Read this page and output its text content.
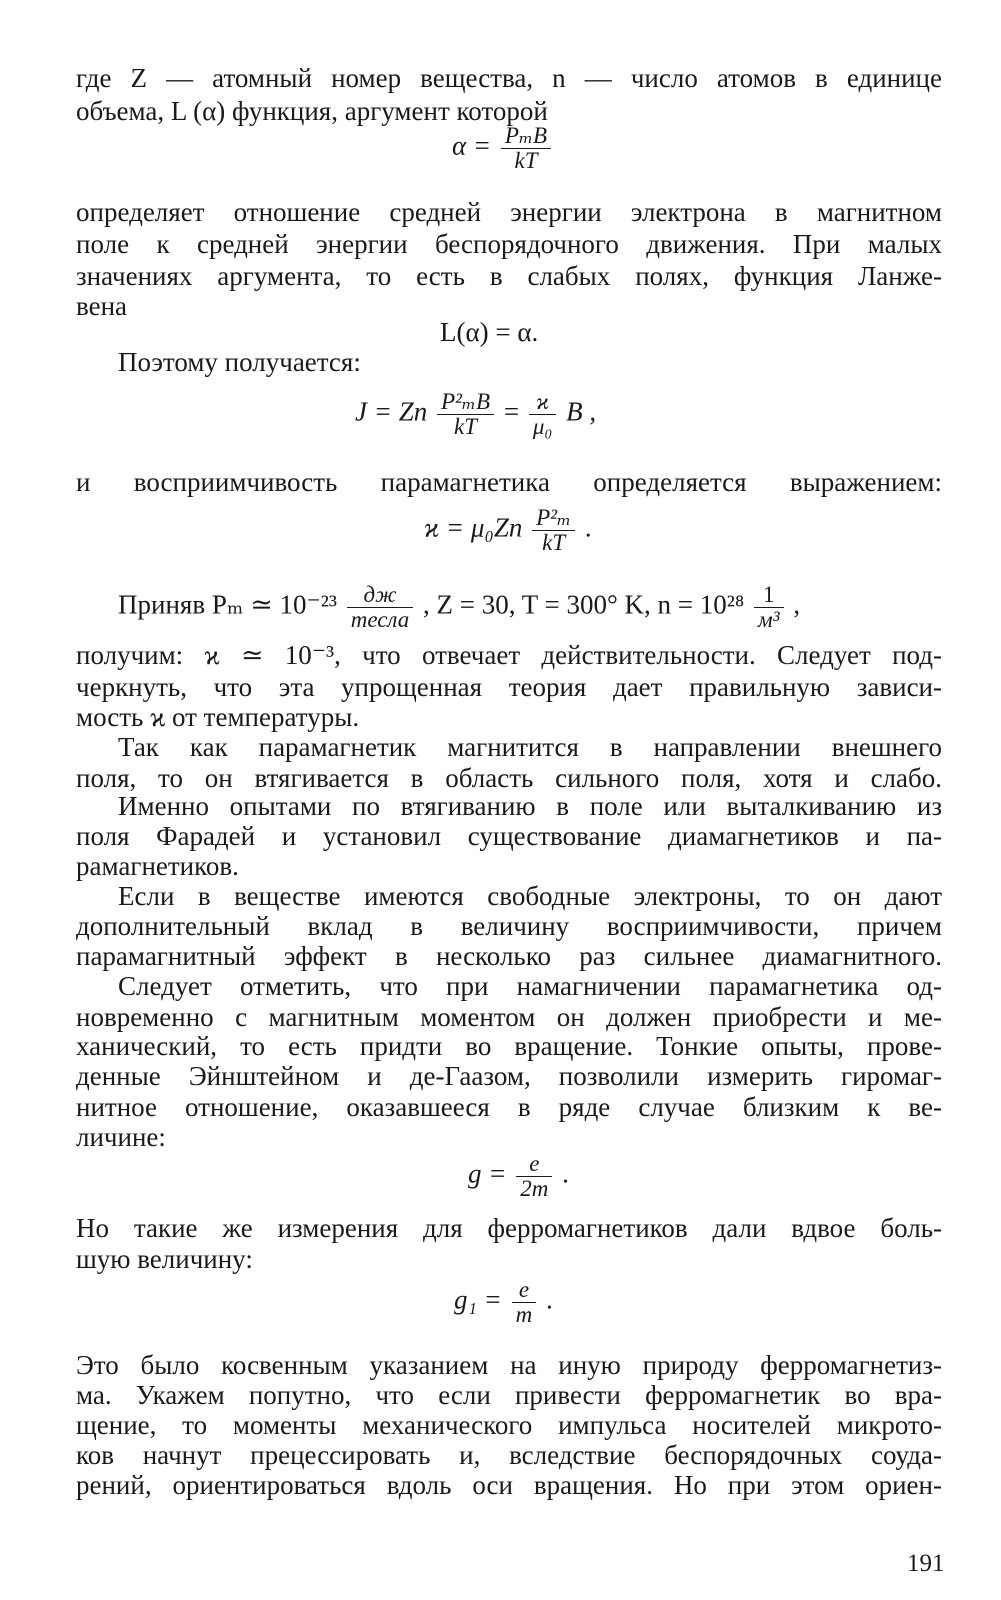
где Z — атомный номер вещества, n — число атомов в единице
объема, L (α) функция, аргумент которой
$\alpha = \frac{\text{PₘB}}{kT}$
определяет отношение средней энергии электрона в магнитном
поле к средней энергии беспорядочного движения. При малых
значениях аргумента, то есть в слабых полях, функция Ланже-
вена
L(α) = α.
Поэтому получается:
J = Zn $\frac{\text{P²ₘB}}{kT} = \frac{ϰ}{\text{μ₀}}$ B ,
и восприимчивость парамагнетика определяется выражением:
$ϰ = \mu_0Zn \frac{\text{P²ₘ}}{kT}$ .
Приняв Pₘ ≃ $10^{-23} \frac{дж}{\text{тесла}}$ , Z = 30, T = 300° K, $n = 10^{28} \frac{1}{\text{м³}}$ ,
получим: ϰ ≃ 10⁻³, что отвечает действительности. Следует под-
черкнуть, что эта упрощенная теория дает правильную зависи-
мость ϰ от температуры.
Так как парамагнетик магнитится в направлении внешнего
поля, то он втягивается в область сильного поля, хотя и слабо.
Именно опытами по втягиванию в поле или выталкиванию из
поля Фарадей и установил существование диамагнетиков и па-
рамагнетиков.
Если в веществе имеются свободные электроны, то он дают
дополнительный вклад в величину восприимчивости, причем
парамагнитный эффект в несколько раз сильнее диамагнитного.
Следует отметить, что при намагничении парамагнетика од-
новременно с магнитным моментом он должен приобрести и ме-
ханический, то есть придти во вращение. Тонкие опыты, прове-
денные Эйнштейном и де-Гаазом, позволили измерить гиромаг-
нитное отношение, оказавшееся в ряде случае близким к ве-
личине:
$g = \frac{e}{2m}$ .
Но такие же измерения для ферромагнетиков дали вдвое боль-
шую величину:
$g_1 = \frac{e}{m}$ .
Это было косвенным указанием на иную природу ферромагнетиз-
ма. Укажем попутно, что если привести ферромагнетик во вра-
щение, то моменты механического импульса носителей микрото-
ков начнут прецессировать и, вследствие беспорядочных соуда-
рений, ориентироваться вдоль оси вращения. Но при этом ориен-
191
